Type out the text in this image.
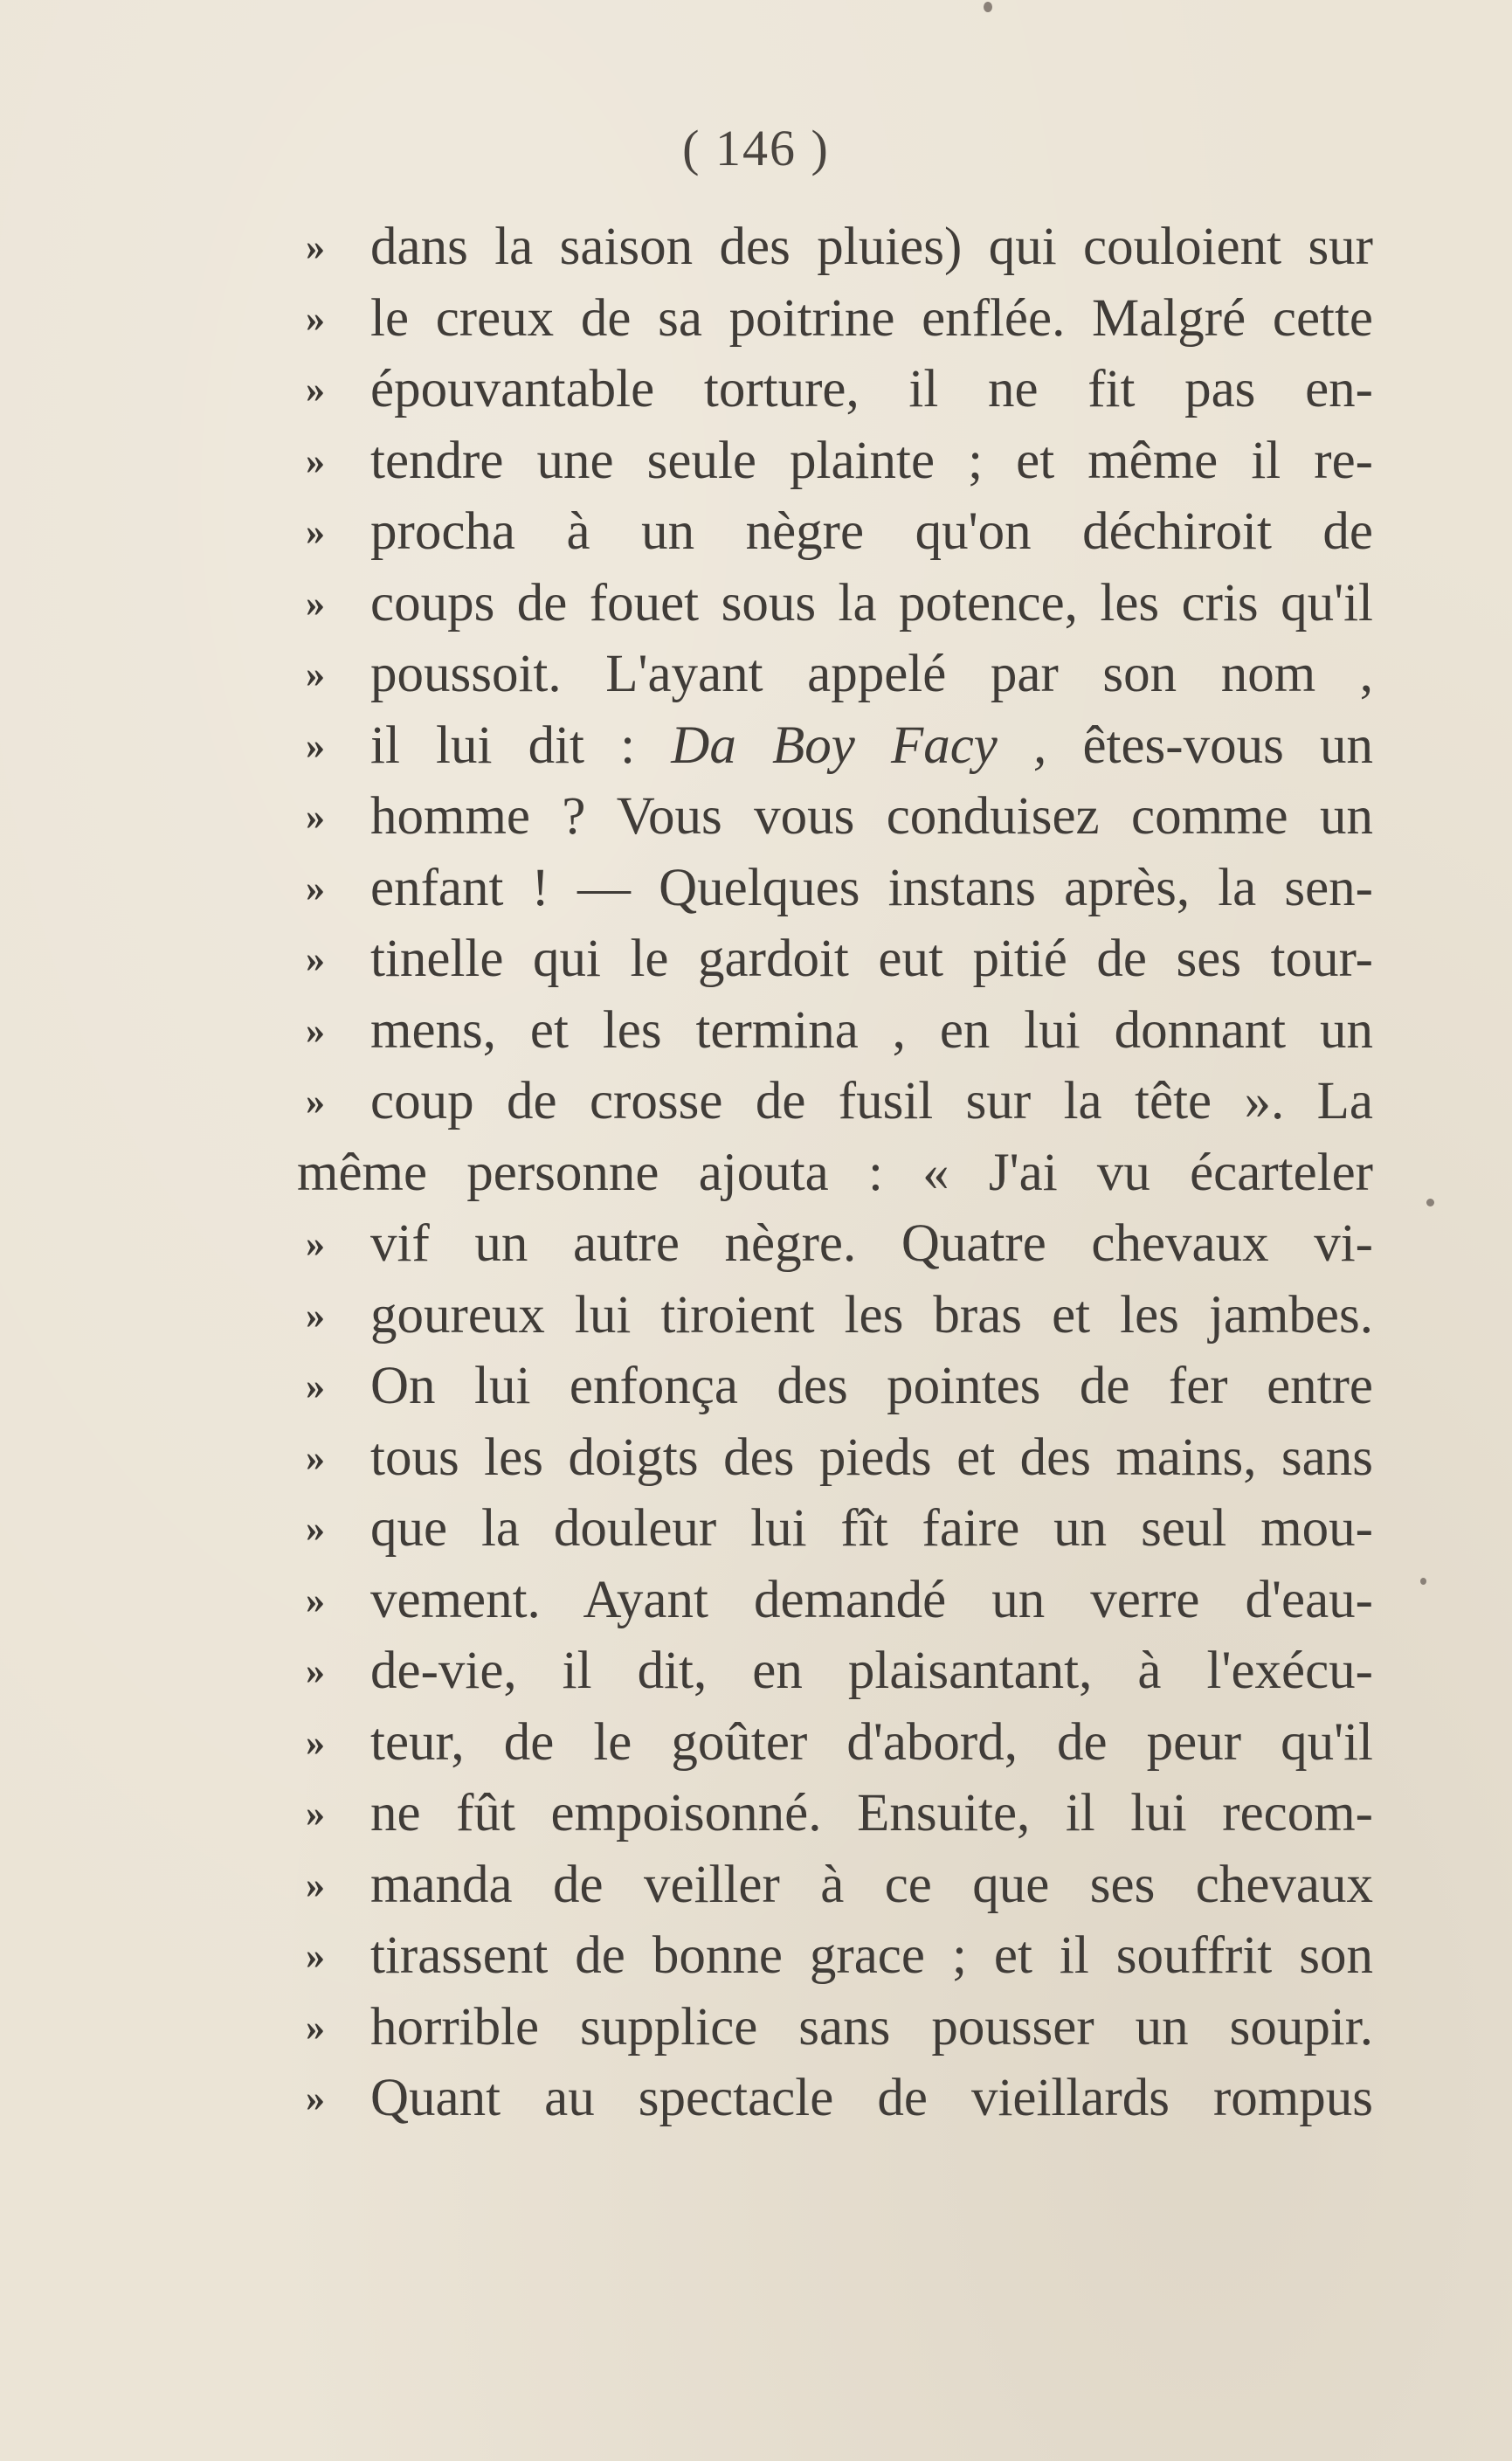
( 146 )
» dans la saison des pluies) qui couloient sur
» le creux de sa poitrine enflée. Malgré cette
» épouvantable torture, il ne fit pas en-
» tendre une seule plainte ; et même il re-
» procha à un nègre qu'on déchiroit de
» coups de fouet sous la potence, les cris qu'il
» poussoit. L'ayant appelé par son nom ,
» il lui dit : Da Boy Facy , êtes-vous un
» homme ? Vous vous conduisez comme un
» enfant ! — Quelques instans après, la sen-
» tinelle qui le gardoit eut pitié de ses tour-
» mens, et les termina , en lui donnant un
» coup de crosse de fusil sur la tête ». La
même personne ajouta : « J'ai vu écarteler
» vif un autre nègre. Quatre chevaux vi-
» goureux lui tiroient les bras et les jambes.
» On lui enfonça des pointes de fer entre
» tous les doigts des pieds et des mains, sans
» que la douleur lui fît faire un seul mou-
» vement. Ayant demandé un verre d'eau-
» de-vie, il dit, en plaisantant, à l'exécu-
» teur, de le goûter d'abord, de peur qu'il
» ne fût empoisonné. Ensuite, il lui recom-
» manda de veiller à ce que ses chevaux
» tirassent de bonne grace ; et il souffrit son
» horrible supplice sans pousser un soupir.
» Quant au spectacle de vieillards rompus
